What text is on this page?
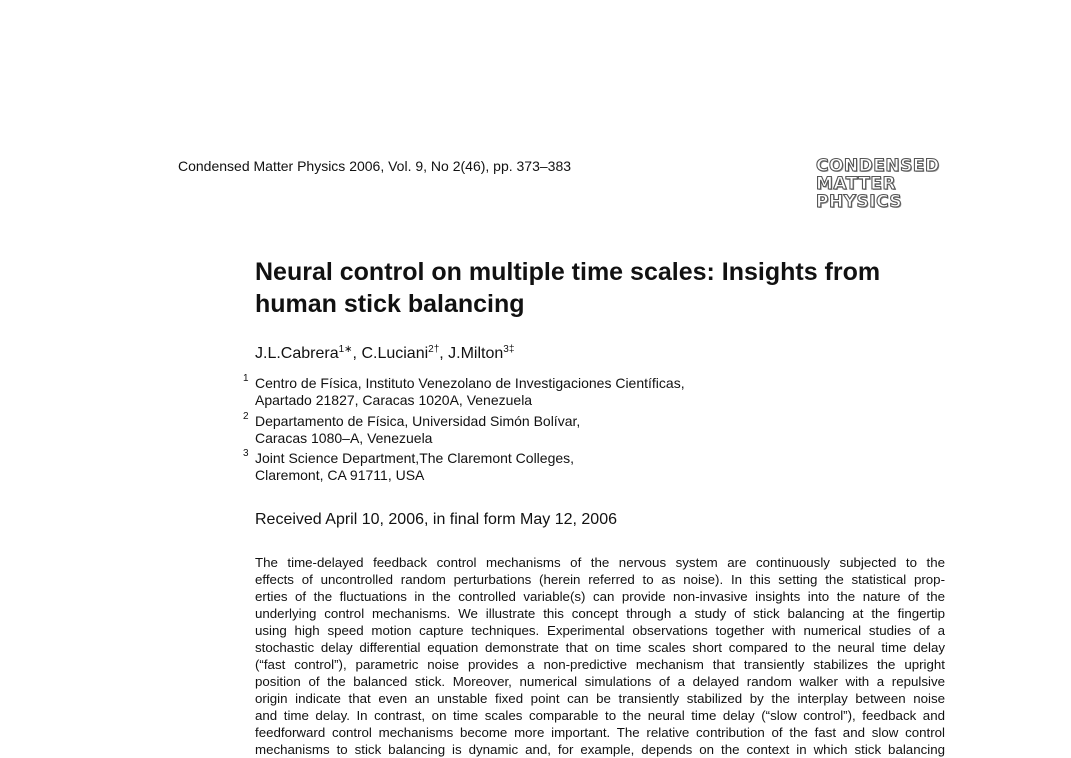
Condensed Matter Physics 2006, Vol. 9, No 2(46), pp. 373–383	CONDENSED
MATTER
PHYSICS
Neural control on multiple time scales: Insights from
human stick balancing
J.L.Cabrera$^{1∗}$, C.Luciani$^{2\dagger}$, J.Milton$^{3\ddagger}$
1 Centro de Física, Instituto Venezolano de Investigaciones Científicas,
Apartado 21827, Caracas 1020A, Venezuela
2 Departamento de Física, Universidad Simón Bolívar,
Caracas 1080–A, Venezuela
3 Joint Science Department,The Claremont Colleges,
Claremont, CA 91711, USA
Received April 10, 2006, in final form May 12, 2006
The time-delayed feedback control mechanisms of the nervous system are continuously subjected to the
effects of uncontrolled random perturbations (herein referred to as noise). In this setting the statistical prop-
erties of the fluctuations in the controlled variable(s) can provide non-invasive insights into the nature of the
underlying control mechanisms. We illustrate this concept through a study of stick balancing at the fingertip
using high speed motion capture techniques. Experimental observations together with numerical studies of a
stochastic delay differential equation demonstrate that on time scales short compared to the neural time delay
(“fast control”), parametric noise provides a non-predictive mechanism that transiently stabilizes the upright
position of the balanced stick. Moreover, numerical simulations of a delayed random walker with a repulsive
origin indicate that even an unstable fixed point can be transiently stabilized by the interplay between noise
and time delay. In contrast, on time scales comparable to the neural time delay (“slow control”), feedback and
feedforward control mechanisms become more important. The relative contribution of the fast and slow control
mechanisms to stick balancing is dynamic and, for example, depends on the context in which stick balancing
